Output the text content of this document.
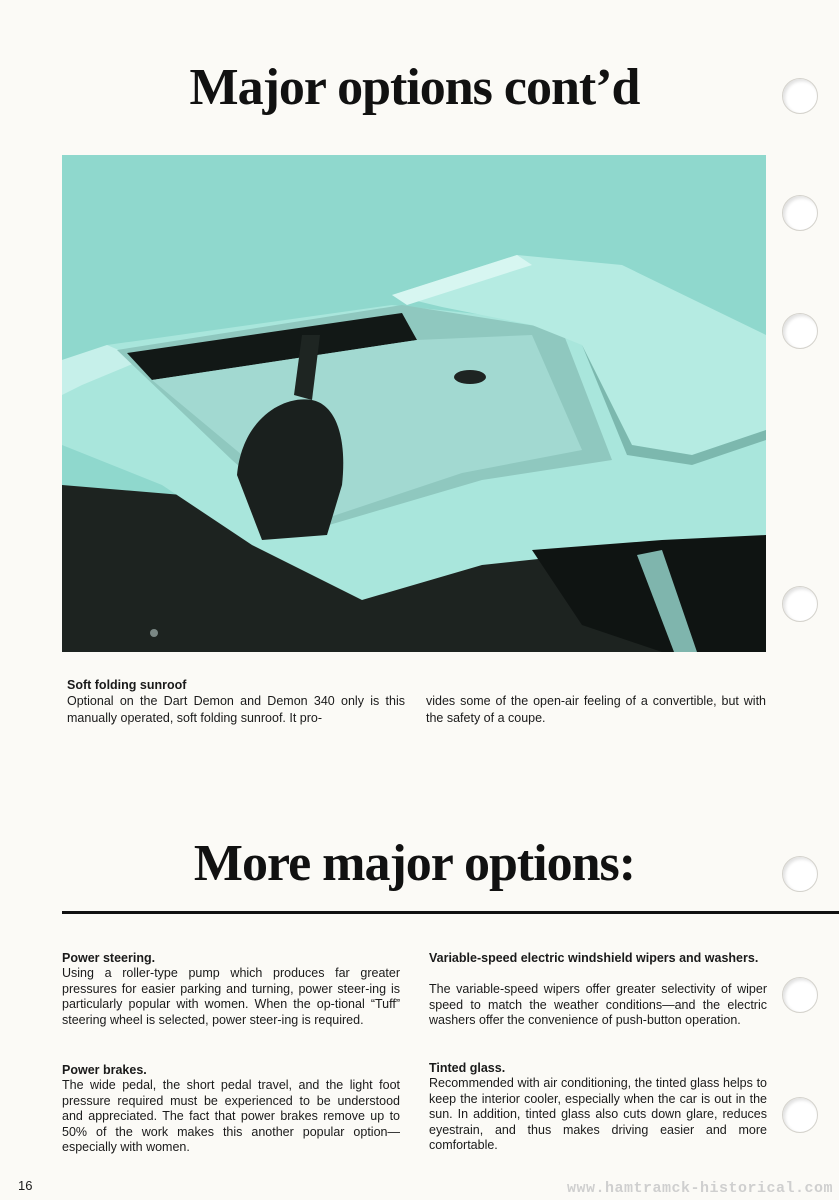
Major options cont’d
Soft folding sunroof

Optional on the Dart Demon and Demon 340 only is this manually operated, soft folding sunroof. It pro-

vides some of the open-air feeling of a convertible, but with the safety of a coupe.

More major options:

Power steering.

Using a roller-type pump which produces far greater pressures for easier parking and turning, power steer-ing is particularly popular with women. When the op-tional “Tuff” steering wheel is selected, power steer-ing is required.

Power brakes.

The wide pedal, the short pedal travel, and the light foot pressure required must be experienced to be understood and appreciated. The fact that power brakes remove up to 50% of the work makes this another popular option—especially with women.

Variable-speed electric windshield wipers and washers.

The variable-speed wipers offer greater selectivity of wiper speed to match the weather conditions—and the electric washers offer the convenience of push-button operation.

Tinted glass.

Recommended with air conditioning, the tinted glass helps to keep the interior cooler, especially when the car is out in the sun. In addition, tinted glass also cuts down glare, reduces eyestrain, and thus makes driving easier and more comfortable.

16	www.hamtramck-historical.com
